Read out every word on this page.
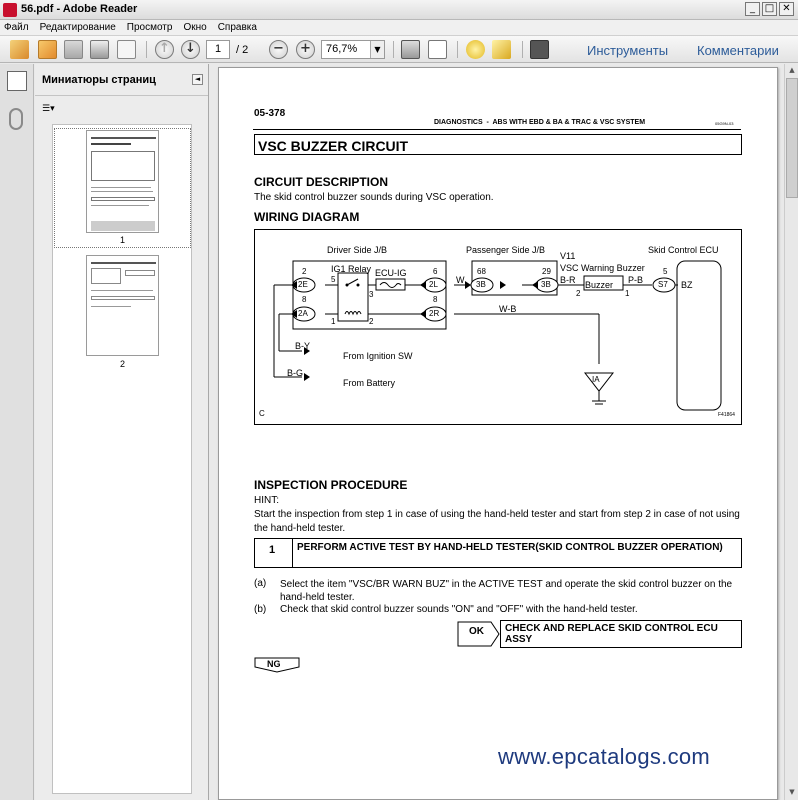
56.pdf - Adobe Reader	_ □ ✕
Файл Редактирование Просмотр Окно Справка
↑	↓	1	/ 2	−	+	76,7%	▼	Инструменты Комментарии
Миниатюры страниц	◄
☰▾
1
2
05-378
DIAGNOSTICS  -  ABS WITH EBD & BA & TRAC & VSC SYSTEM	05G9N-03
VSC BUZZER CIRCUIT
CIRCUIT DESCRIPTION
The skid control buzzer sounds during VSC operation.
WIRING DIAGRAM
Driver Side J/B	Passenger Side J/B	Skid Control ECU
V11
VSC Warning Buzzer
IG1 Relay ECU-IG
Buzzer	BZ
2E
2A
2L
2R
3B	3B	S7
2
8
5
3
1	2
6
8
68	29
2	1
5
W
W-B
B-R	P-B
B-Y
B-G
From Ignition SW
From Battery	IA
C	F41864
INSPECTION PROCEDURE
HINT:
Start the inspection from step 1 in case of using the hand-held tester and start from step 2 in case of not using the hand-held tester.
1 PERFORM ACTIVE TEST BY HAND-HELD TESTER(SKID CONTROL BUZZER OPERATION)
(a) Select the item "VSC/BR WARN BUZ" in the ACTIVE TEST and operate the skid control buzzer on the hand-held tester.
(b) Check that skid control buzzer sounds "ON" and "OFF" with the hand-held tester.
OK CHECK AND REPLACE SKID CONTROL ECU ASSY
NG
▲
▼
www.epcatalogs.com
